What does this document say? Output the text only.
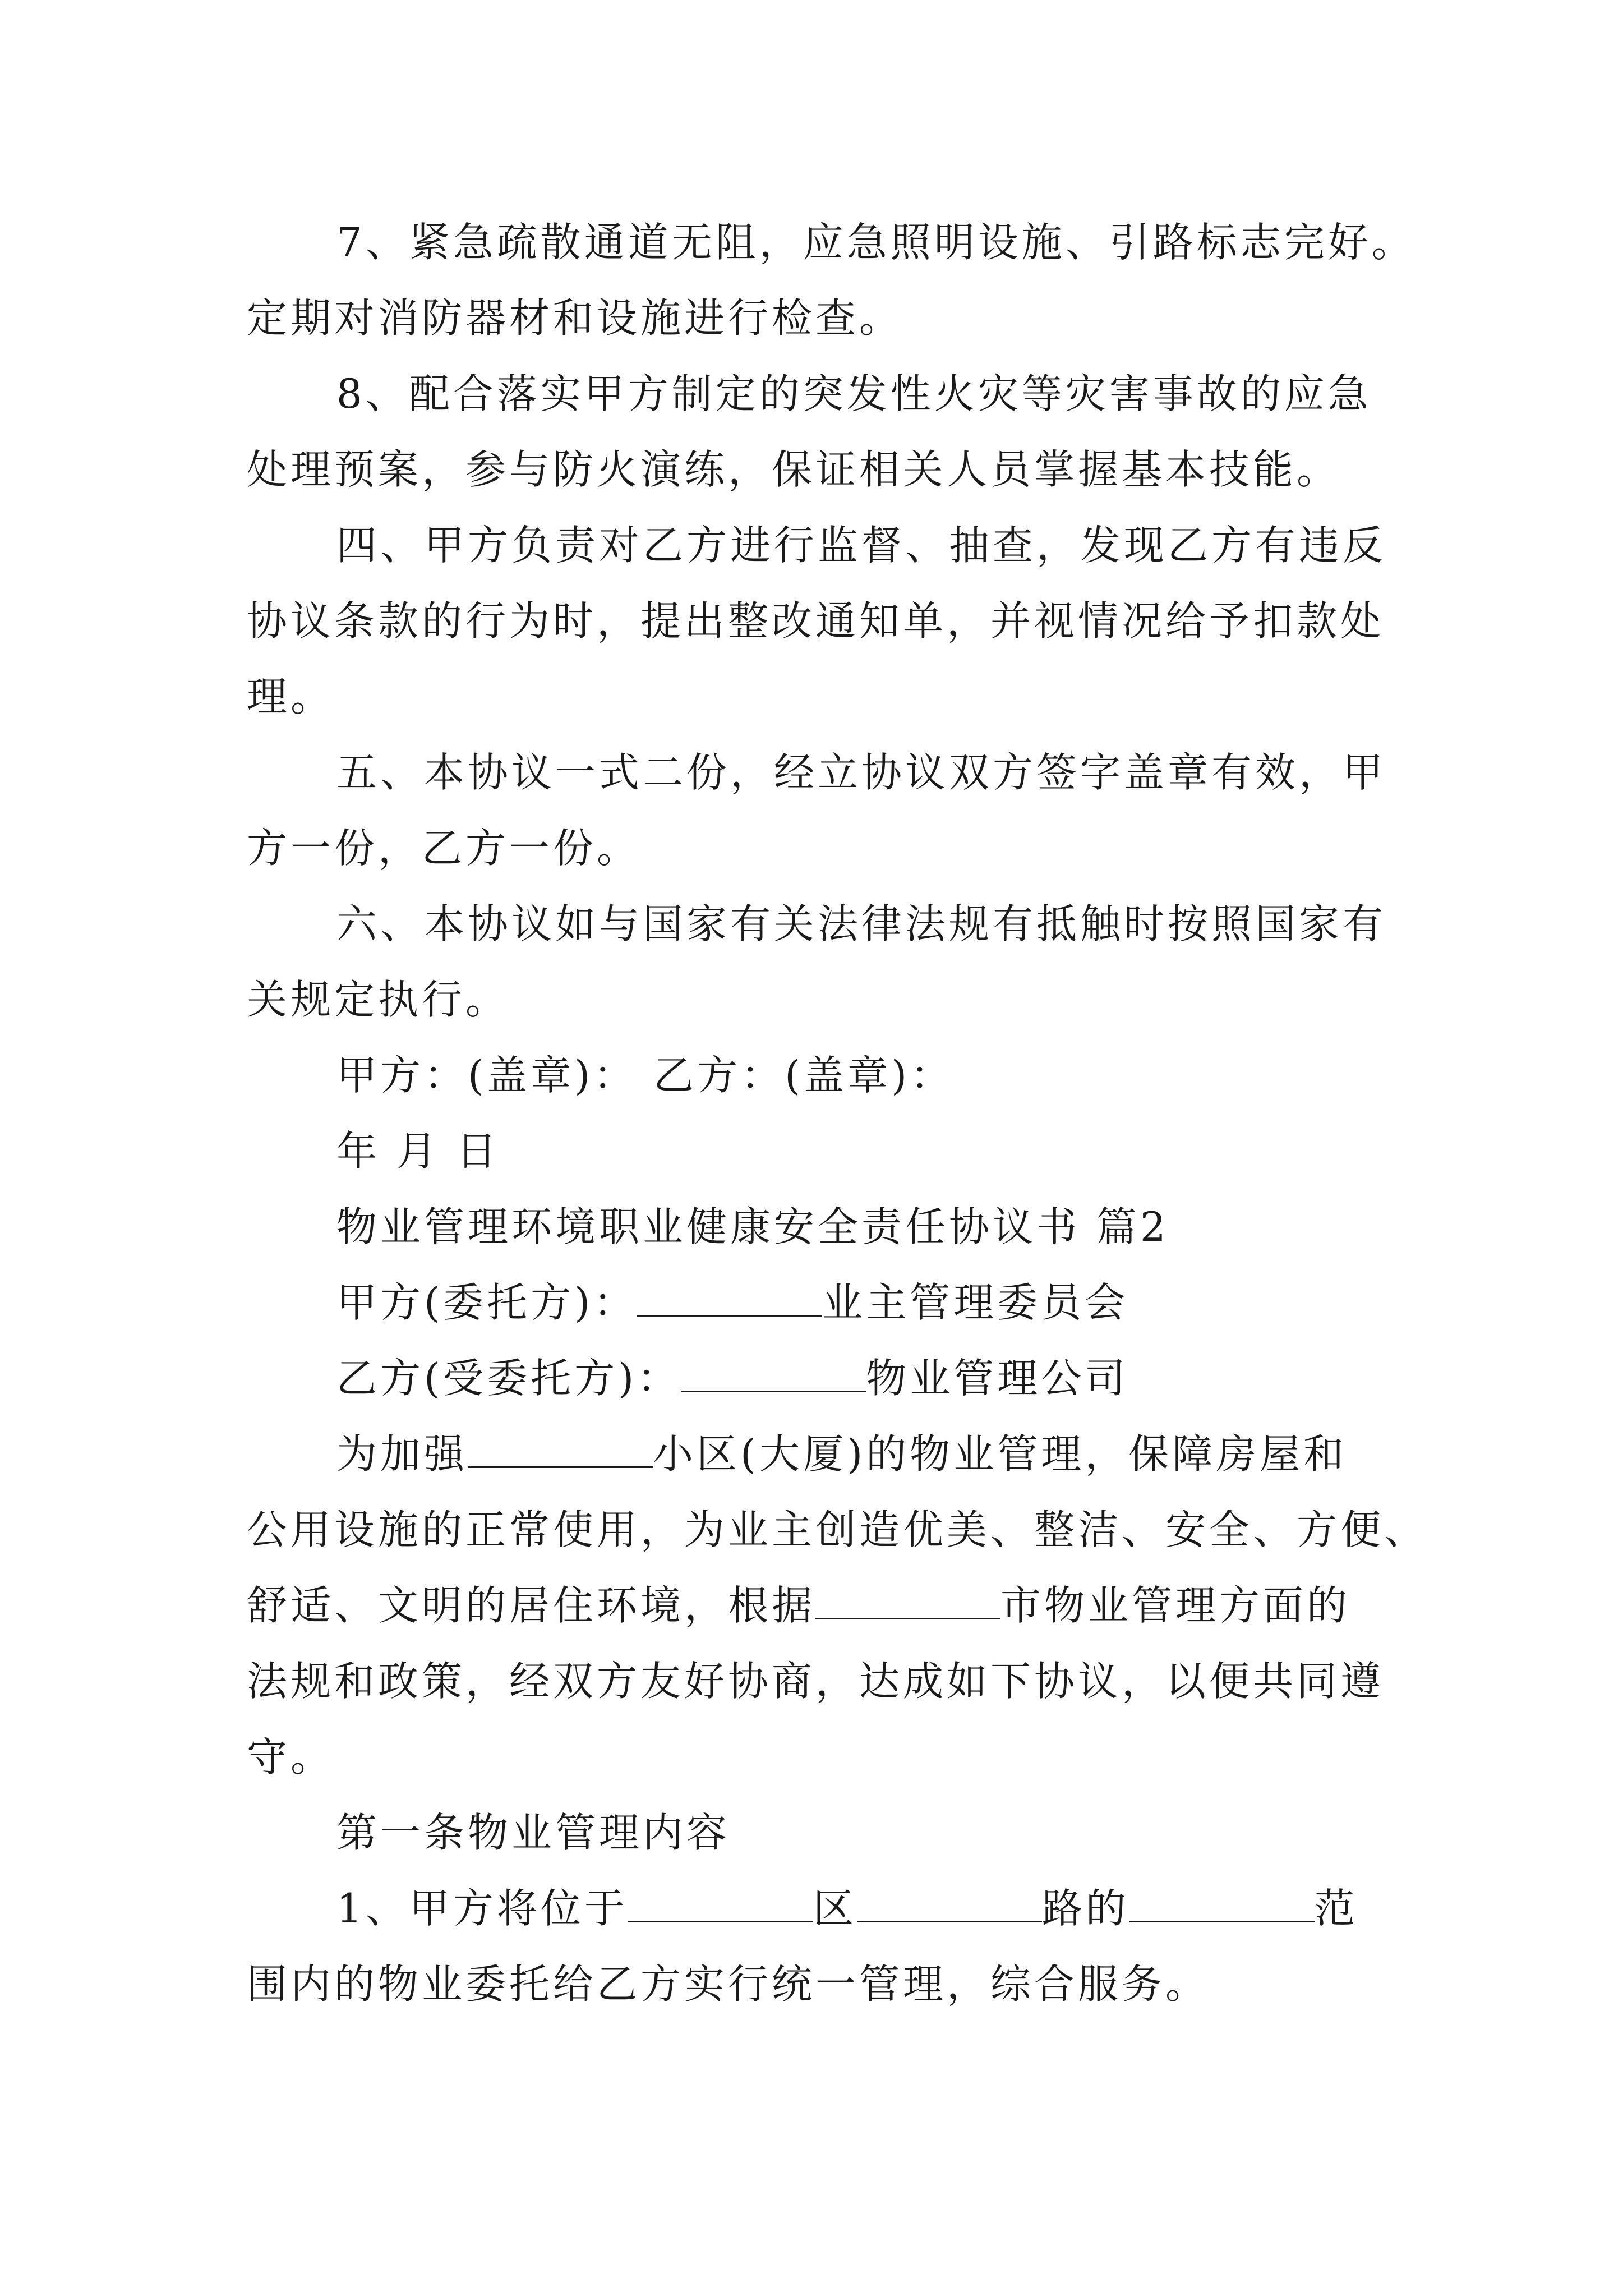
7、紧急疏散通道无阻，应急照明设施、引路标志完好。
定期对消防器材和设施进行检查。
8、配合落实甲方制定的突发性火灾等灾害事故的应急
处理预案，参与防火演练，保证相关人员掌握基本技能。
四、甲方负责对乙方进行监督、抽查，发现乙方有违反
协议条款的行为时，提出整改通知单，并视情况给予扣款处
理。
五、本协议一式二份，经立协议双方签字盖章有效，甲
方一份，乙方一份。
六、本协议如与国家有关法律法规有抵触时按照国家有
关规定执行。
甲方：(盖章)： 乙方：(盖章)：
年 月 日
物业管理环境职业健康安全责任协议书 篇2
甲方(委托方)：	业主管理委员会
乙方(受委托方)：	物业管理公司
为加强	小区(大厦)的物业管理，保障房屋和
公用设施的正常使用，为业主创造优美、整洁、安全、方便、
舒适、文明的居住环境，根据	市物业管理方面的
法规和政策，经双方友好协商，达成如下协议，以便共同遵
守。
第一条物业管理内容
1、甲方将位于	区	路的	范
围内的物业委托给乙方实行统一管理，综合服务。
